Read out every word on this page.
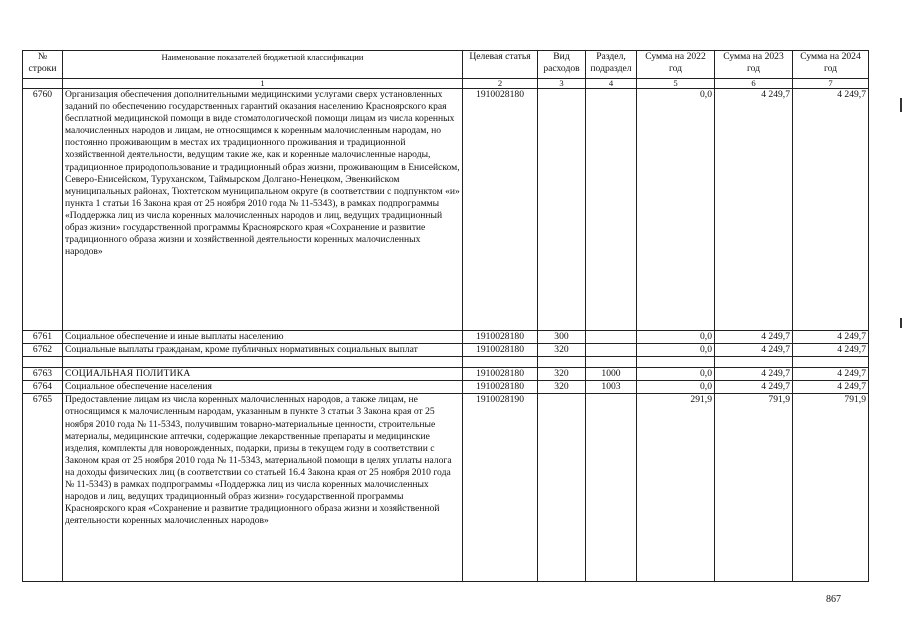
№ строки	Наименование показателей бюджетной классификации	Целевая статья	Вид расходов	Раздел, подраздел	Сумма на 2022 год	Сумма на 2023 год	Сумма на 2024 год
	1	2	3	4	5	6	7
6760	Организация обеспечения дополнительными медицинскими услугами сверх установленных заданий по обеспечению государственных гарантий оказания населению Красноярского края бесплатной медицинской помощи в виде стоматологической помощи лицам из числа коренных малочисленных народов и лицам, не относящимся к коренным малочисленным народам, но постоянно проживающим в местах их традиционного проживания и традиционной хозяйственной деятельности, ведущим такие же, как и коренные малочисленные народы, традиционное природопользование и традиционный образ жизни, проживающим в Енисейском, Северо-Енисейском, Туруханском, Таймырском Долгано-Ненецком, Эвенкийском муниципальных районах, Тюхтетском муниципальном округе (в соответствии с подпунктом «и» пункта 1 статьи 16 Закона края от 25 ноября 2010 года № 11-5343), в рамках подпрограммы «Поддержка лиц из числа коренных малочисленных народов и лиц, ведущих традиционный образ жизни» государственной программы Красноярского края «Сохранение и развитие традиционного образа жизни и хозяйственной деятельности коренных малочисленных народов»	1910028180			0,0	4 249,7	4 249,7
6761	Социальное обеспечение и иные выплаты населению	1910028180	300		0,0	4 249,7	4 249,7
6762	Социальные выплаты гражданам, кроме публичных нормативных социальных выплат	1910028180	320		0,0	4 249,7	4 249,7

6763	СОЦИАЛЬНАЯ ПОЛИТИКА	1910028180	320	1000	0,0	4 249,7	4 249,7
6764	Социальное обеспечение населения	1910028180	320	1003	0,0	4 249,7	4 249,7
6765	Предоставление лицам из числа коренных малочисленных народов, а также лицам, не относящимся к малочисленным народам, указанным в пункте 3 статьи 3 Закона края от 25 ноября 2010 года № 11-5343, получившим товарно-материальные ценности, строительные материалы, медицинские аптечки, содержащие лекарственные препараты и медицинские изделия, комплекты для новорожденных, подарки, призы в текущем году в соответствии с Законом края от 25 ноября 2010 года № 11-5343, материальной помощи в целях уплаты налога на доходы физических лиц (в соответствии со статьей 16.4 Закона края от 25 ноября 2010 года № 11-5343) в рамках подпрограммы «Поддержка лиц из числа коренных малочисленных народов и лиц, ведущих традиционный образ жизни» государственной программы Красноярского края «Сохранение и развитие традиционного образа жизни и хозяйственной деятельности коренных малочисленных народов»	1910028190			291,9	791,9	791,9
867
